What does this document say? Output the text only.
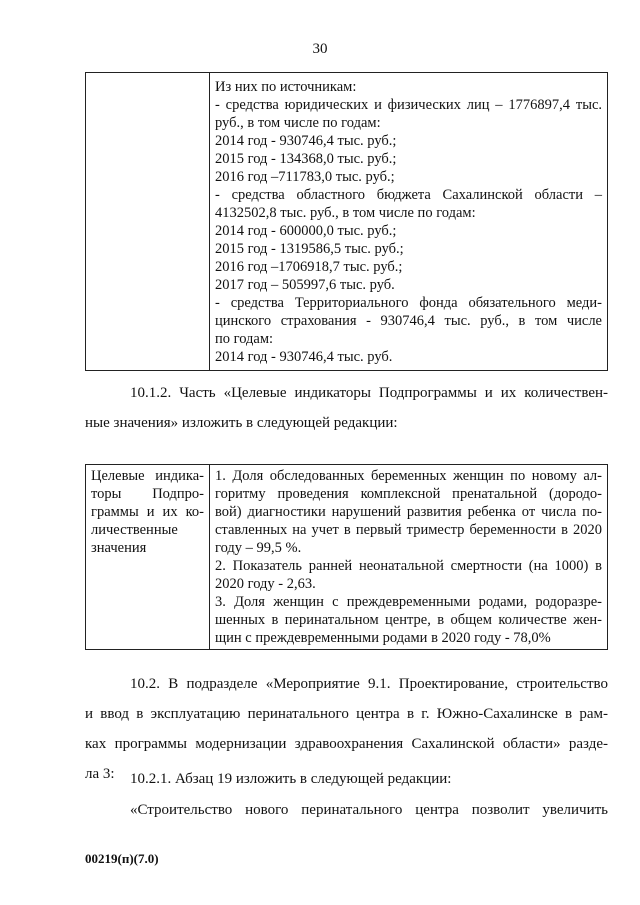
30

Из них по источникам:
- средства юридических и физических лиц – 1776897,4 тыс.
руб., в том числе по годам:
2014 год - 930746,4 тыс. руб.;
2015 год - 134368,0 тыс. руб.;
2016 год –711783,0 тыс. руб.;
- средства областного бюджета Сахалинской области –
4132502,8 тыс. руб., в том числе по годам:
2014 год - 600000,0 тыс. руб.;
2015 год - 1319586,5 тыс. руб.;
2016 год –1706918,7 тыс. руб.;
2017 год – 505997,6 тыс. руб.
- средства Территориального фонда обязательного меди-
цинского страхования - 930746,4 тыс. руб., в том числе
по годам:
2014 год - 930746,4 тыс. руб.
10.1.2. Часть «Целевые индикаторы Подпрограммы и их количествен-
ные значения» изложить в следующей редакции:
Целевые индика-
торы Подпро-
граммы и их ко-
личественные
значения

1. Доля обследованных беременных женщин по новому ал-
горитму проведения комплексной пренатальной (дородо-
вой) диагностики нарушений развития ребенка от числа по-
ставленных на учет в первый триместр беременности в 2020
году – 99,5 %.
2. Показатель ранней неонатальной смертности (на 1000) в
2020 году - 2,63.
3. Доля женщин с преждевременными родами, родоразре-
шенных в перинатальном центре, в общем количестве жен-
щин с преждевременными родами в 2020 году - 78,0%
10.2. В подразделе «Мероприятие 9.1. Проектирование, строительство
и ввод в эксплуатацию перинатального центра в г. Южно-Сахалинске в рам-
ках программы модернизации здравоохранения Сахалинской области» разде-
ла 3:	10.2.1. Абзац 19 изложить в следующей редакции:
«Строительство нового перинатального центра позволит увеличить
00219(п)(7.0)
